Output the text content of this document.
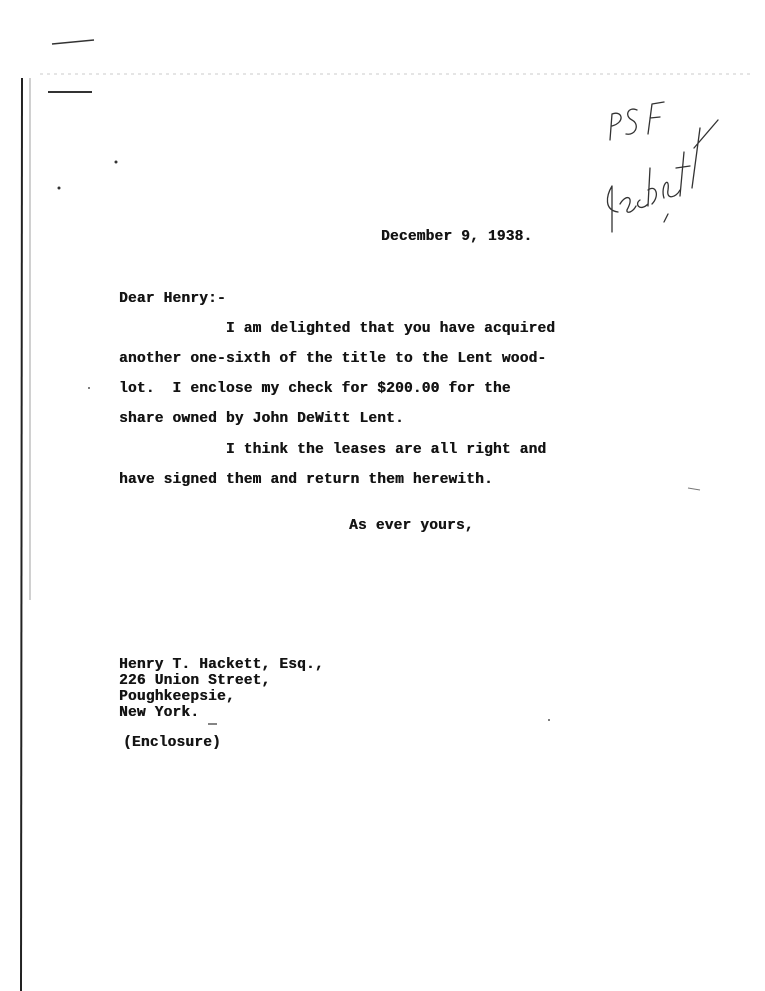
December 9, 1938.
Dear Henry:-
I am delighted that you have acquired
another one-sixth of the title to the Lent wood-
lot.  I enclose my check for $200.00 for the
share owned by John DeWitt Lent.
I think the leases are all right and
have signed them and return them herewith.
As ever yours,
Henry T. Hackett, Esq.,
226 Union Street,
Poughkeepsie,
New York.
(Enclosure)
